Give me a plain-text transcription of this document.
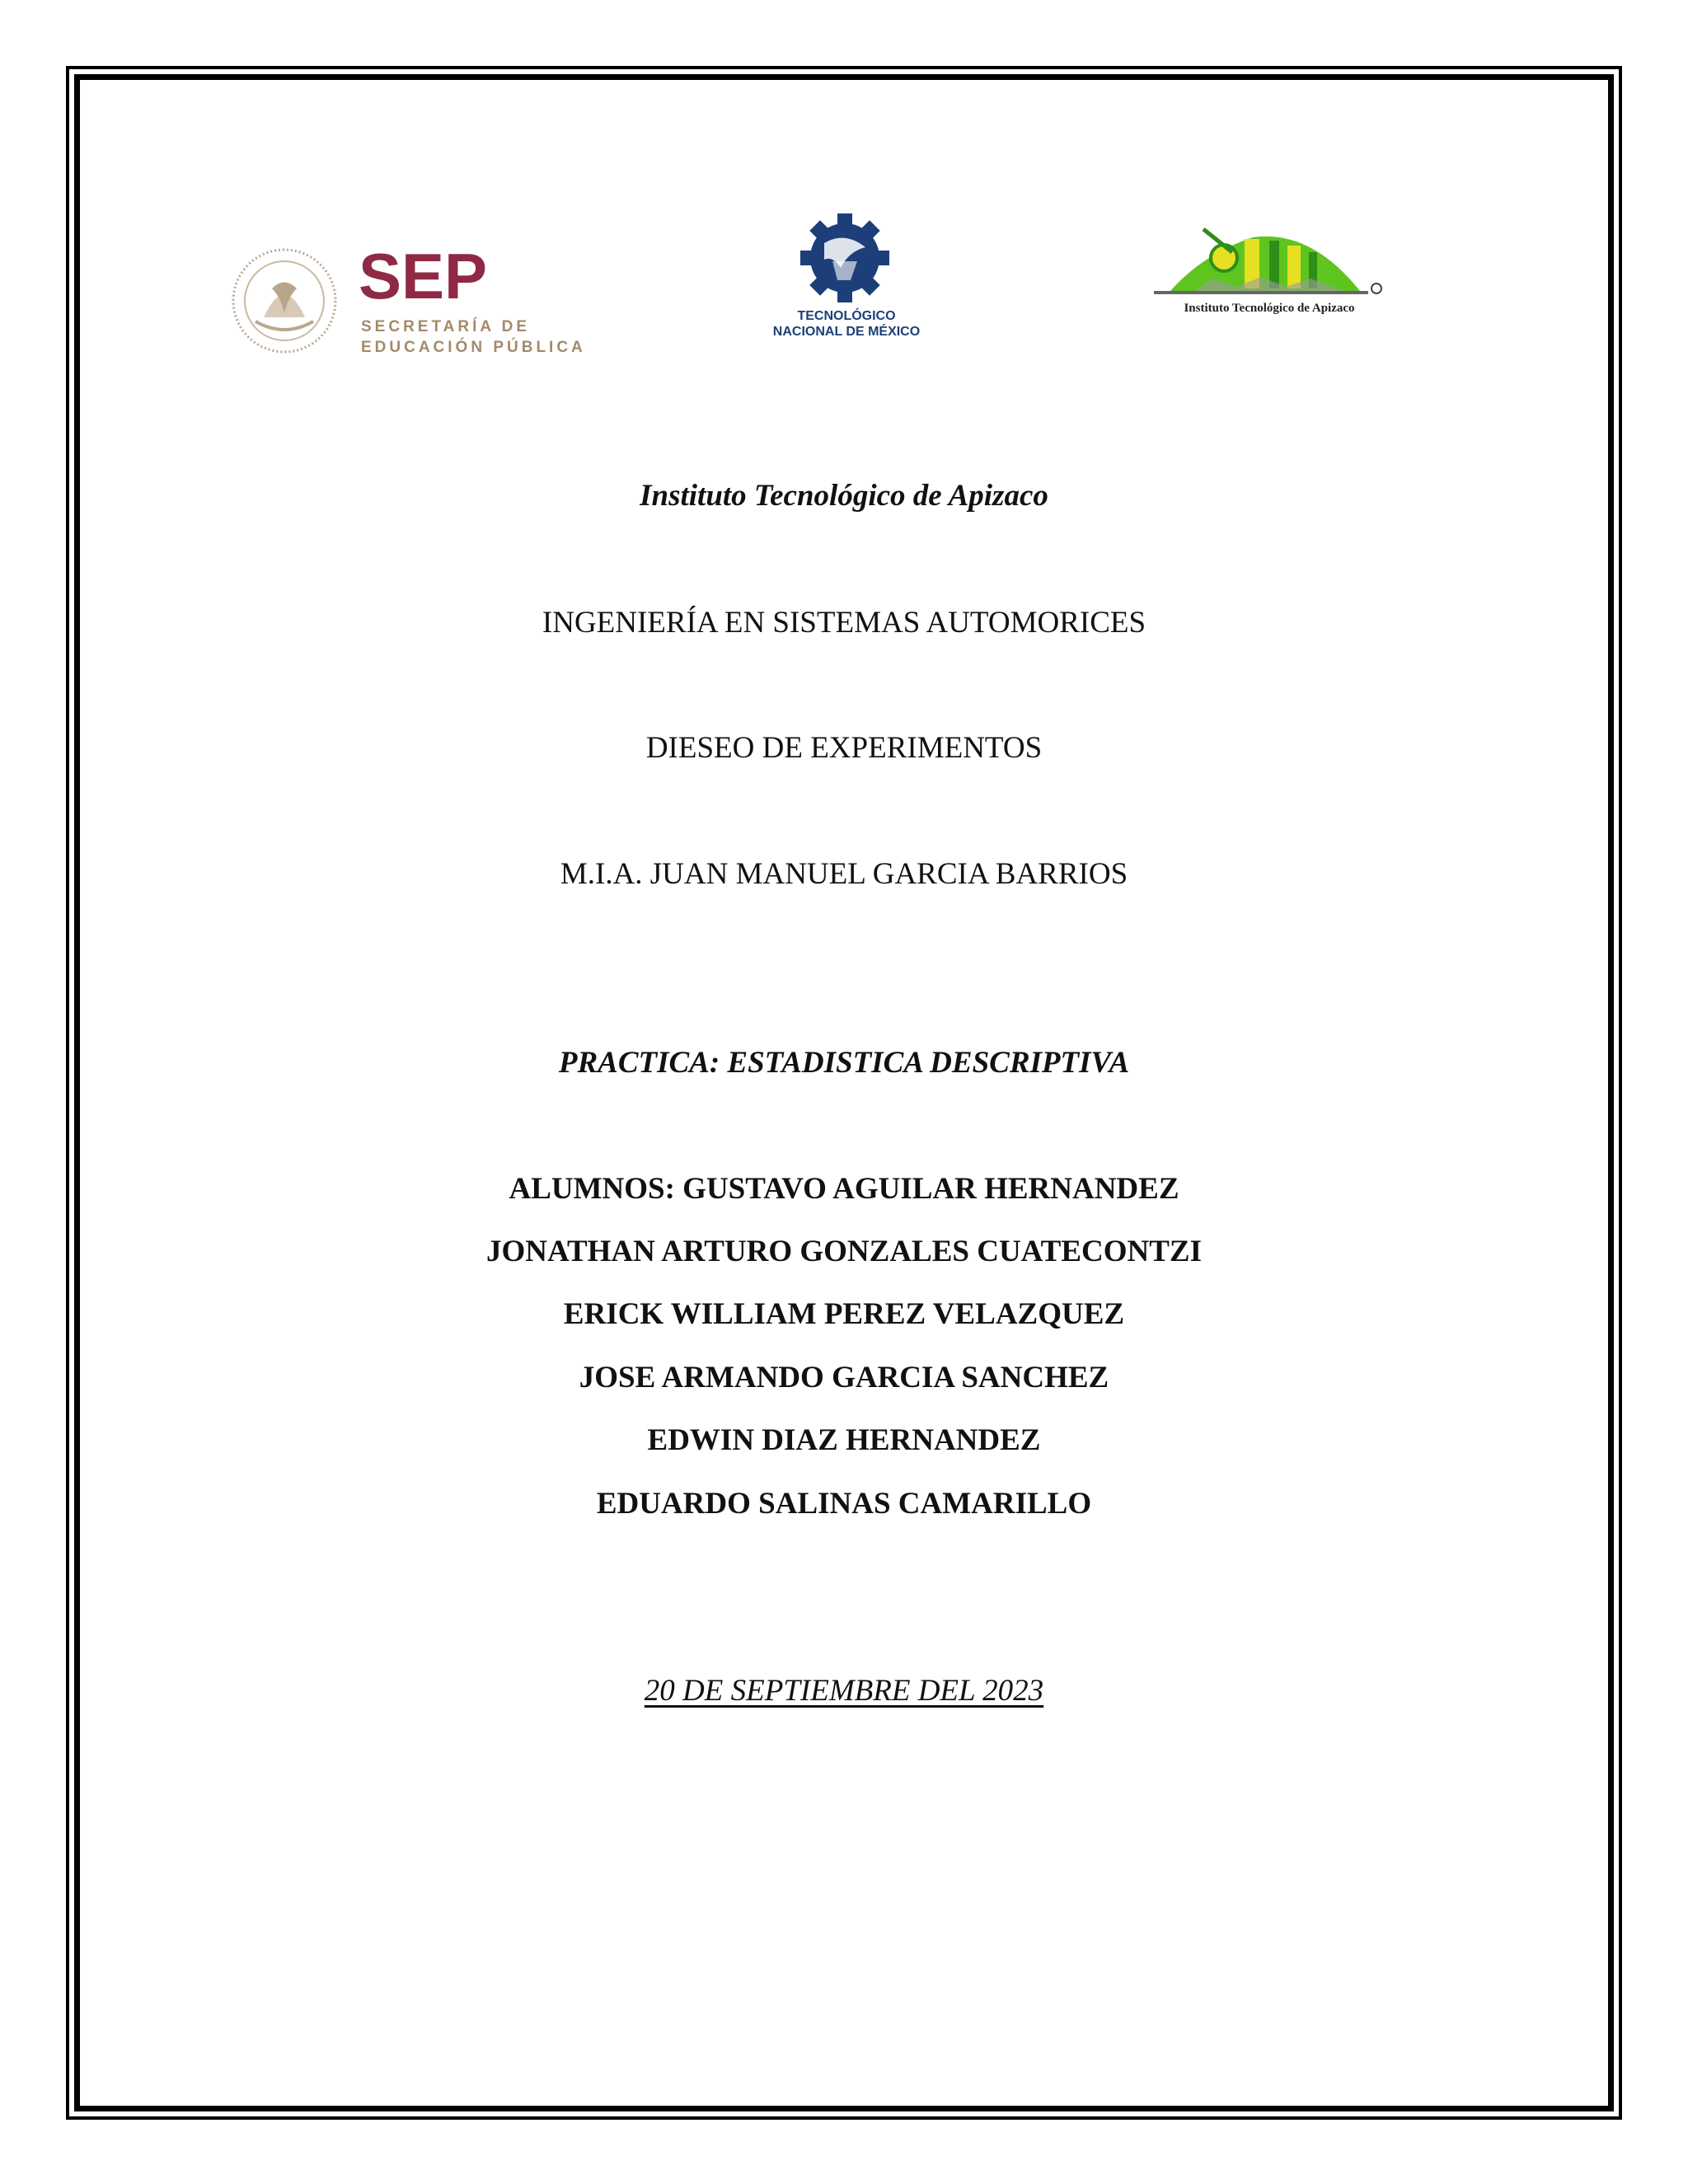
SEP
SECRETARÍA DE
EDUCACIÓN PÚBLICA
TECNOLÓGICO
NACIONAL DE MÉXICO
Instituto Tecnológico de Apizaco
Instituto Tecnológico de Apizaco
INGENIERÍA EN SISTEMAS AUTOMORICES
DIESEO DE EXPERIMENTOS
M.I.A. JUAN MANUEL GARCIA BARRIOS
PRACTICA: ESTADISTICA DESCRIPTIVA
ALUMNOS: GUSTAVO AGUILAR HERNANDEZ
JONATHAN ARTURO GONZALES CUATECONTZI
ERICK WILLIAM PEREZ VELAZQUEZ
JOSE ARMANDO GARCIA SANCHEZ
EDWIN DIAZ HERNANDEZ
EDUARDO SALINAS CAMARILLO
20 DE SEPTIEMBRE DEL 2023
